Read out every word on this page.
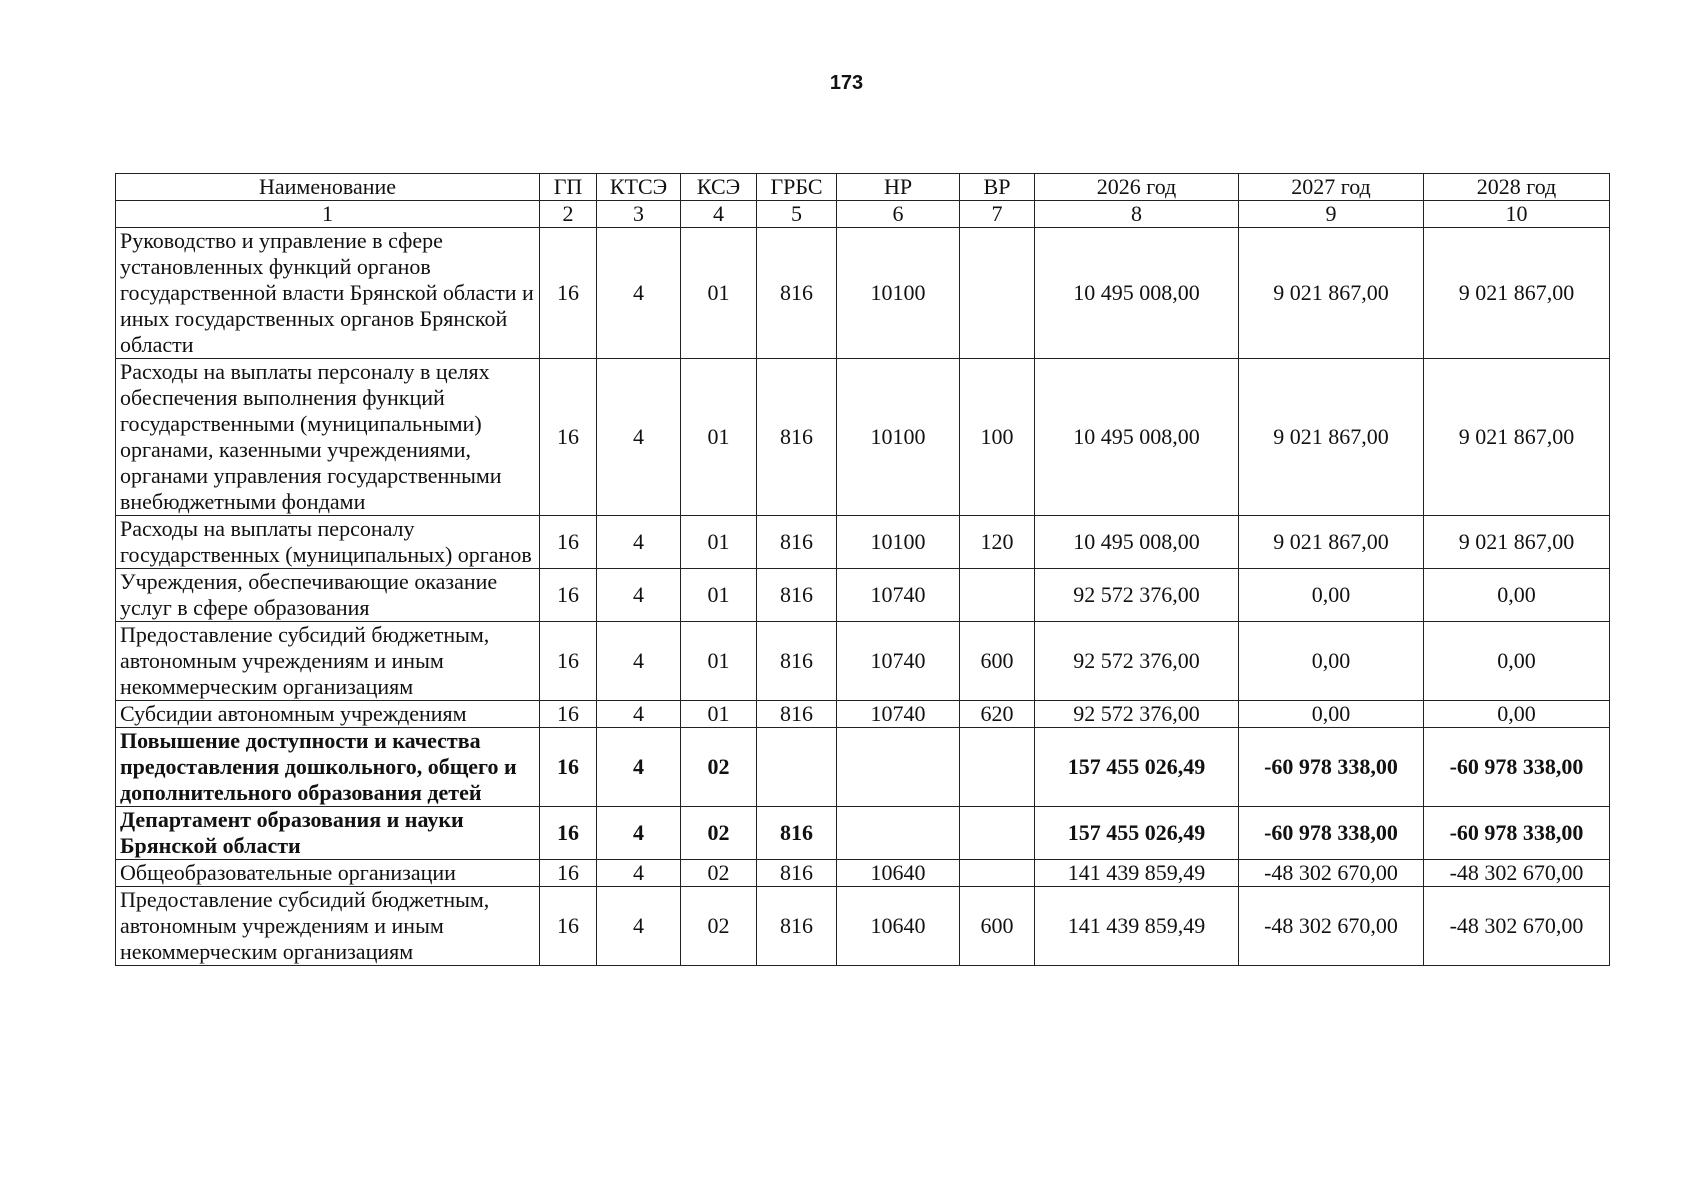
173
Наименование	ГП	КТСЭ	КСЭ	ГРБС	НР	ВР	2026 год	2027 год	2028 год
1	2	3	4	5	6	7	8	9	10
Руководство и управление в сфере установленных функций органов государственной власти Брянской области и иных государственных органов Брянской области	16	4	01	816	10100		10 495 008,00	9 021 867,00	9 021 867,00
Расходы на выплаты персоналу в целях обеспечения выполнения функций государственными (муниципальными) органами, казенными учреждениями, органами управления государственными внебюджетными фондами	16	4	01	816	10100	100	10 495 008,00	9 021 867,00	9 021 867,00
Расходы на выплаты персоналу государственных (муниципальных) органов	16	4	01	816	10100	120	10 495 008,00	9 021 867,00	9 021 867,00
Учреждения, обеспечивающие оказание услуг в сфере образования	16	4	01	816	10740		92 572 376,00	0,00	0,00
Предоставление субсидий бюджетным, автономным учреждениям и иным некоммерческим организациям	16	4	01	816	10740	600	92 572 376,00	0,00	0,00
Субсидии автономным учреждениям	16	4	01	816	10740	620	92 572 376,00	0,00	0,00
Повышение доступности и качества предоставления дошкольного, общего и дополнительного образования детей	16	4	02				157 455 026,49	-60 978 338,00	-60 978 338,00
Департамент образования и науки Брянской области	16	4	02	816			157 455 026,49	-60 978 338,00	-60 978 338,00
Общеобразовательные организации	16	4	02	816	10640		141 439 859,49	-48 302 670,00	-48 302 670,00
Предоставление субсидий бюджетным, автономным учреждениям и иным некоммерческим организациям	16	4	02	816	10640	600	141 439 859,49	-48 302 670,00	-48 302 670,00
